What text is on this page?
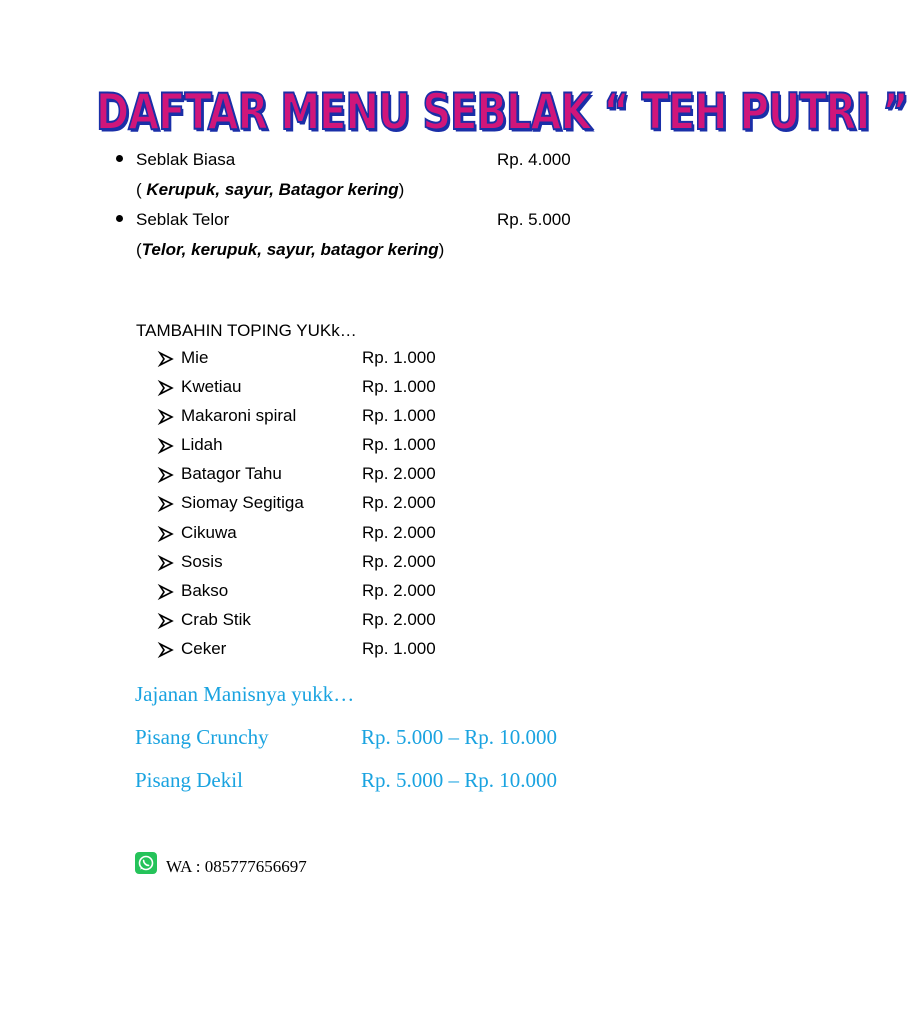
DAFTAR MENU SEBLAK “ TEH PUTRI ”
Seblak Biasa	Rp. 4.000
( Kerupuk, sayur, Batagor kering)
Seblak Telor	Rp. 5.000
(Telor, kerupuk, sayur, batagor kering)
TAMBAHIN TOPING YUKk…
Mie	Rp. 1.000
Kwetiau	Rp. 1.000
Makaroni spiral	Rp. 1.000
Lidah	Rp. 1.000
Batagor Tahu	Rp. 2.000
Siomay Segitiga	Rp. 2.000
Cikuwa	Rp. 2.000
Sosis	Rp. 2.000
Bakso	Rp. 2.000
Crab Stik	Rp. 2.000
Ceker	Rp. 1.000
Jajanan Manisnya yukk…
Pisang Crunchy	Rp. 5.000 – Rp. 10.000
Pisang Dekil	Rp. 5.000 – Rp. 10.000
WA : 085777656697
